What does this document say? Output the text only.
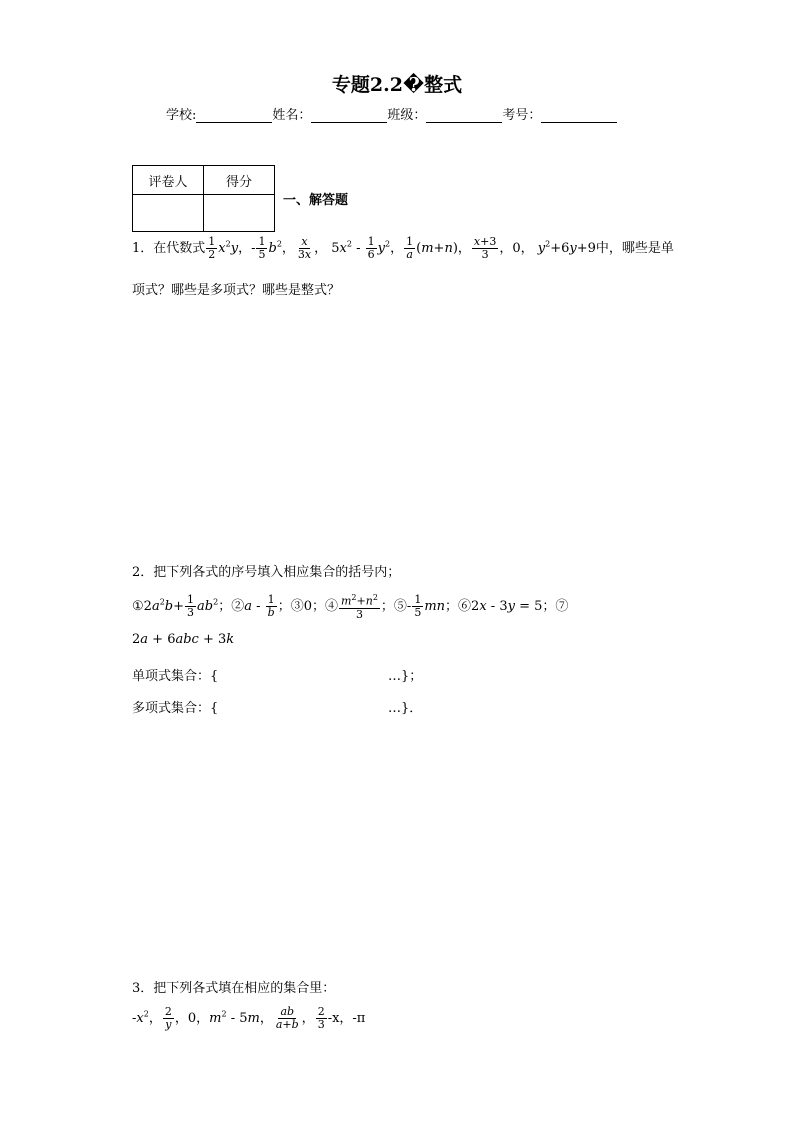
专题2.2�整式
学校:	姓名：	班级：	考号：
评卷人	得分

一、解答题
1．在代数式 $\frac{1}{2} x^2y$，- $\frac{1}{5} b^2$， $\frac{x}{3x}$ ， $5x^2 - \frac{1}{6} y^2$， $\frac{1}{a} (m+n)$， $\frac{x+3}{3}$ ，0， $y^2+6y+9$中，哪些是单
项式？哪些是多项式？哪些是整式？
2．把下列各式的序号填入相应集合的括号内；
$①2a^2b+ \frac{1}{3} ab^2$；②a - $\frac{1}{b}$ ；③0；④ $\frac{m^2+n^2}{3}$ ；⑤- $\frac{1}{5}$ mn；⑥2x - 3y = 5；⑦
2a + 6abc + 3k
单项式集合：{	…}；
多项式集合：{	…}．
3．把下列各式填在相应的集合里：
$-x^2$， $\frac{2}{y}$ ，0，$m^2 - 5m$， $\frac{ab}{a+b}$ ， $\frac{2}{3} -x$，-π
